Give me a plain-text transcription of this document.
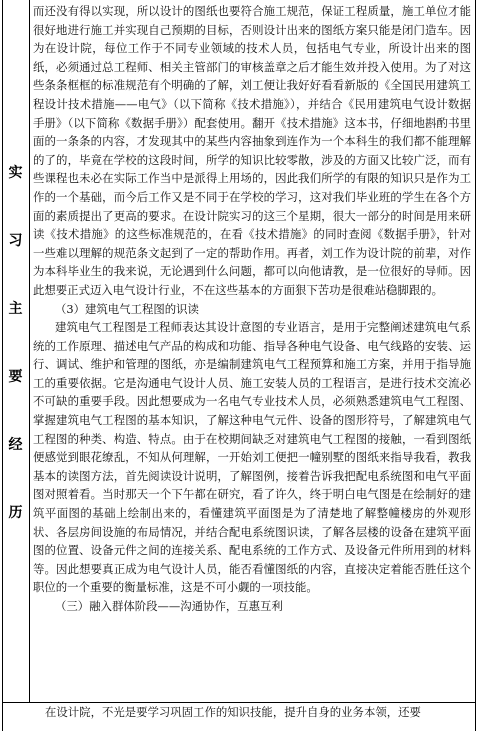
实
习
主
要
经
历

而还没有得以实现，所以设计的图纸也要符合施工规范，保证工程质量，施工单位才能很好地进行施工并实现自己预期的目标，否则设计出来的图纸方案只能是闭门造车。因为在设计院，每位工作于不同专业领域的技术人员，包括电气专业，所设计出来的图纸，必须通过总工程师、相关主管部门的审核盖章之后才能生效并投入使用。为了对这些条条框框的标准规范有个明确的了解，刘工便让我好好看看新版的《全国民用建筑工程设计技术措施——电气》（以下简称《技术措施》），并结合《民用建筑电气设计数据手册》（以下简称《数据手册》）配套使用。翻开《技术措施》这本书，仔细地斟酌书里面的一条条的内容，才发现其中的某些内容抽象到连作为一个本科生的我们都不能理解的了的，毕竟在学校的这段时间，所学的知识比较零散，涉及的方面又比较广泛，而有些课程也未必在实际工作当中是派得上用场的，因此我们所学的有限的知识只是作为工作的一个基础，而今后工作又是不同于在学校的学习，这对我们毕业班的学生在各个方面的素质提出了更高的要求。在设计院实习的这三个星期，很大一部分的时间是用来研读《技术措施》的这些标准规范的，在看《技术措施》的同时查阅《数据手册》，针对一些难以理解的规范条文起到了一定的帮助作用。再者，刘工作为设计院的前辈，对作为本科毕业生的我来说，无论遇到什么问题，都可以向他请教，是一位很好的导师。因此想要正式迈入电气设计行业，不在这些基本的方面狠下苦功是很难站稳脚跟的。

（3）建筑电气工程图的识读

建筑电气工程图是工程师表达其设计意图的专业语言，是用于完整阐述建筑电气系统的工作原理、描述电气产品的构成和功能、指导各种电气设备、电气线路的安装、运行、调试、维护和管理的图纸，亦是编制建筑电气工程预算和施工方案，并用于指导施工的重要依据。它是沟通电气设计人员、施工安装人员的工程语言，是进行技术交流必不可缺的重要手段。因此想要成为一名电气专业技术人员，必须熟悉建筑电气工程图、掌握建筑电气工程图的基本知识，了解这种电气元件、设备的图形符号，了解建筑电气工程图的种类、构造、特点。由于在校期间缺乏对建筑电气工程图的接触，一看到图纸便感觉到眼花缭乱，不知从何理解，一开始刘工便把一幢别墅的图纸来指导我看，教我基本的读图方法，首先阅读设计说明，了解图例，接着告诉我把配电系统图和电气平面图对照着看。当时那天一个下午都在研究，看了许久，终于明白电气图是在绘制好的建筑平面图的基础上绘制出来的，看懂建筑平面图是为了清楚地了解整幢楼房的外观形状、各层房间设施的布局情况，并结合配电系统图识读，了解各层楼的设备在建筑平面图的位置、设备元件之间的连接关系、配电系统的工作方式、及设备元件所用到的材料等。因此想要真正成为电气设计人员，能否看懂图纸的内容，直接决定着能否胜任这个职位的一个重要的衡量标准，这是不可小觑的一项技能。

（三）融入群体阶段——沟通协作，互惠互利

在设计院，不光是要学习巩固工作的知识技能，提升自身的业务本领，还要
